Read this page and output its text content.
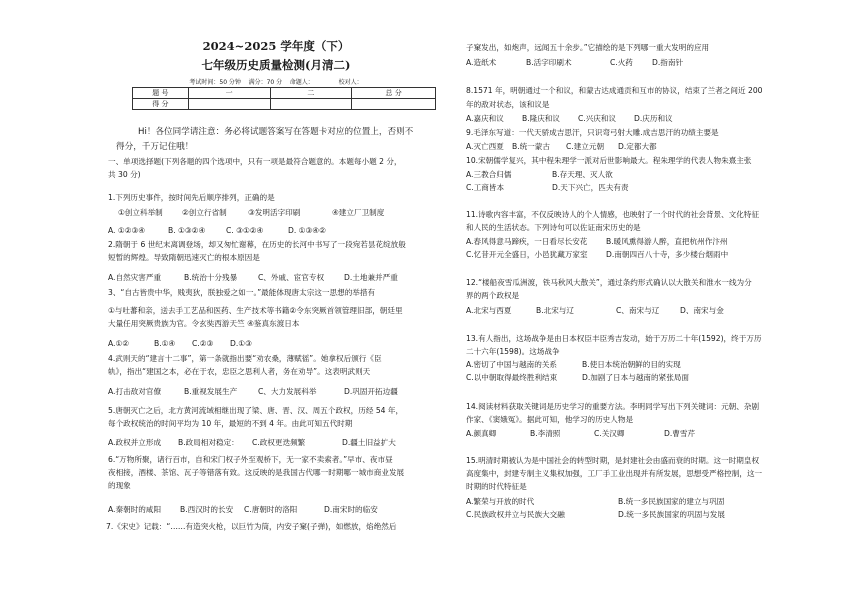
2024~2025 学年度（下）
七年级历史质量检测(月清二)
考试时间：50 分钟 满分：70 分 命题人：	校对人：
题 号	一	二	总 分
得 分			
Hi！各位同学请注意：务必将试题答案写在答题卡对应的位置上，否则不
得分，千万记住哦！
一、单项选择题(下列各题的四个选项中，只有一项是最符合题意的。本题每小题 2 分，
共 30 分)
1.下列历史事件，按时间先后顺序排列，正确的是
①创立科举制	②创立行省制	③发明活字印刷	④建立厂卫制度
A. ①②③④	B. ①③②④	C. ③①②④	D. ①③④②
2.隋朝于 6 世纪末离调登场，却又匆忙谢幕，在历史的长河中书写了一段宛若昙花绽放般
短暂的辉煌。导致隋朝迅速灭亡的根本原因是
A.自然灾害严重	B.统治十分残暴	C、外戚、宦官专权	D.土地兼并严重
3、“自古皆贵中华，贱夷狄，朕独爱之如一。”最能体现唐太宗这一思想的举措有
①与吐蕃和亲，送去手工艺品和医药、生产技术等书籍②令东突厥首领管理旧部，朝廷里
大量任用突厥贵族为官。令玄奘西游天竺 ④鉴真东渡日本
A.①②	B.①④	C.②③	D.①③
4.武则天的“建言十二事”，第一条就指出要“劝农桑，薄赋徭”。她拿权后颁行《臣
轨》，指出“建国之本，必在于农，忠臣之思利人者，务在劝导”。这表明武则天
A.打击敌对官僚	B.重视发展生产	C、大力发展科举	D.巩固开拓边疆
5.唐朝灭亡之后，北方黄河流域相继出现了梁、唐、晋、汉、周五个政权，历经 54 年，
每个政权统治的时间平均为 10 年，最短的不到 4 年。由此可知五代时期
A.政权并立形成	B.政局相对稳定：	C.政权更迭频繁	D.疆土旧益扩大
6.“万物所聚，诸行百市，自和宋门权子外至观桥下，无一家不卖索者。”早市、夜市昼
夜相接，酒楼、茶馆、瓦子等错落有致。这反映的是我国古代哪一时期哪一城市商业发展
的现象
A.秦朝时的咸阳	B.西汉时的长安	C.唐朝时的洛阳	D.南宋时的临安
7.《宋史》记载：“……有造突火枪，以巨竹为筒，内安子窠(子弹)，如燃放，焰绝然后
子窠发出，如炮声，远闻五十余步。”它描绘的是下列哪一重大发明的应用
A.造纸术	B.活字印刷术	C.火药	D.指南针
8.1571 年，明朝通过一个和议，和蒙古达成通贡和互市的协议，结束了兰者之间近 200
年的敌对状态，该和议是
A.嘉庆和议	B.隆庆和议	C.兴庆和议	D.庆历和议
9.毛泽东写道：一代天骄成吉思汗，只识弯弓射大雕.成吉思汗的功绩主要是
A.灭亡西夏	B.统一蒙古	C.建立元朝	D.定都大都
10.宋朝儒学复兴，其中程朱理学一派对后世影响最大。程朱理学的代表人物朱熹主张
A.三教合归儒	B.存天理、灭人欲
C.工商皆本	D.天下兴亡，匹夫有责
11.诗歌内容丰富，不仅反映诗人的个人情感，也映射了一个时代的社会背景、文化特征
和人民的生活状态。下列诗句可以佐证南宋历史的是
A.春风得意马蹄疾，一日看尽长安花	B.暖风熏得游人醉，直把杭州作汴州
C.忆昔开元全盛日，小邑犹藏万家室	D.南朝四百八十寺，多少楼台烟雨中
12.“楼船夜雪瓜洲渡，铁马秋风大散关”，通过条约形式确认以大散关和淮水一线为分
界的两个政权是
A.北宋与西夏	B.北宋与辽	C、南宋与辽	D、南宋与金
13.有人指出，这场战争是由日本权臣丰臣秀吉发动，始于万历二十年(1592)，终于万历
二十六年(1598)。这场战争
A.密切了中国与越南的关系	B.使日本统治朝鲜的目的实现
C.以中朝取得最终胜利结束	D.加剧了日本与越南的紧张局面
14.阅读材料获取关键词是历史学习的重要方法。李明同学写出下列关键词：元朝、杂剧
作家、《窦娥冤》。据此可知，他学习的历史人物是
A.颜真卿	B.李清照	C.关汉卿	D.曹雪芹
15.明清时期被认为是中国社会的转型时期，是封建社会由盛而衰的时期。这一时期皇权
高度集中，封建专制主义集权加强，工厂手工业出现并有所发展，思想受严格控制，这一
时期的时代特征是
A.繁荣与开放的时代	B.统一多民族国家的建立与巩固
C.民族政权并立与民族大交融	D.统一多民族国家的巩固与发展
